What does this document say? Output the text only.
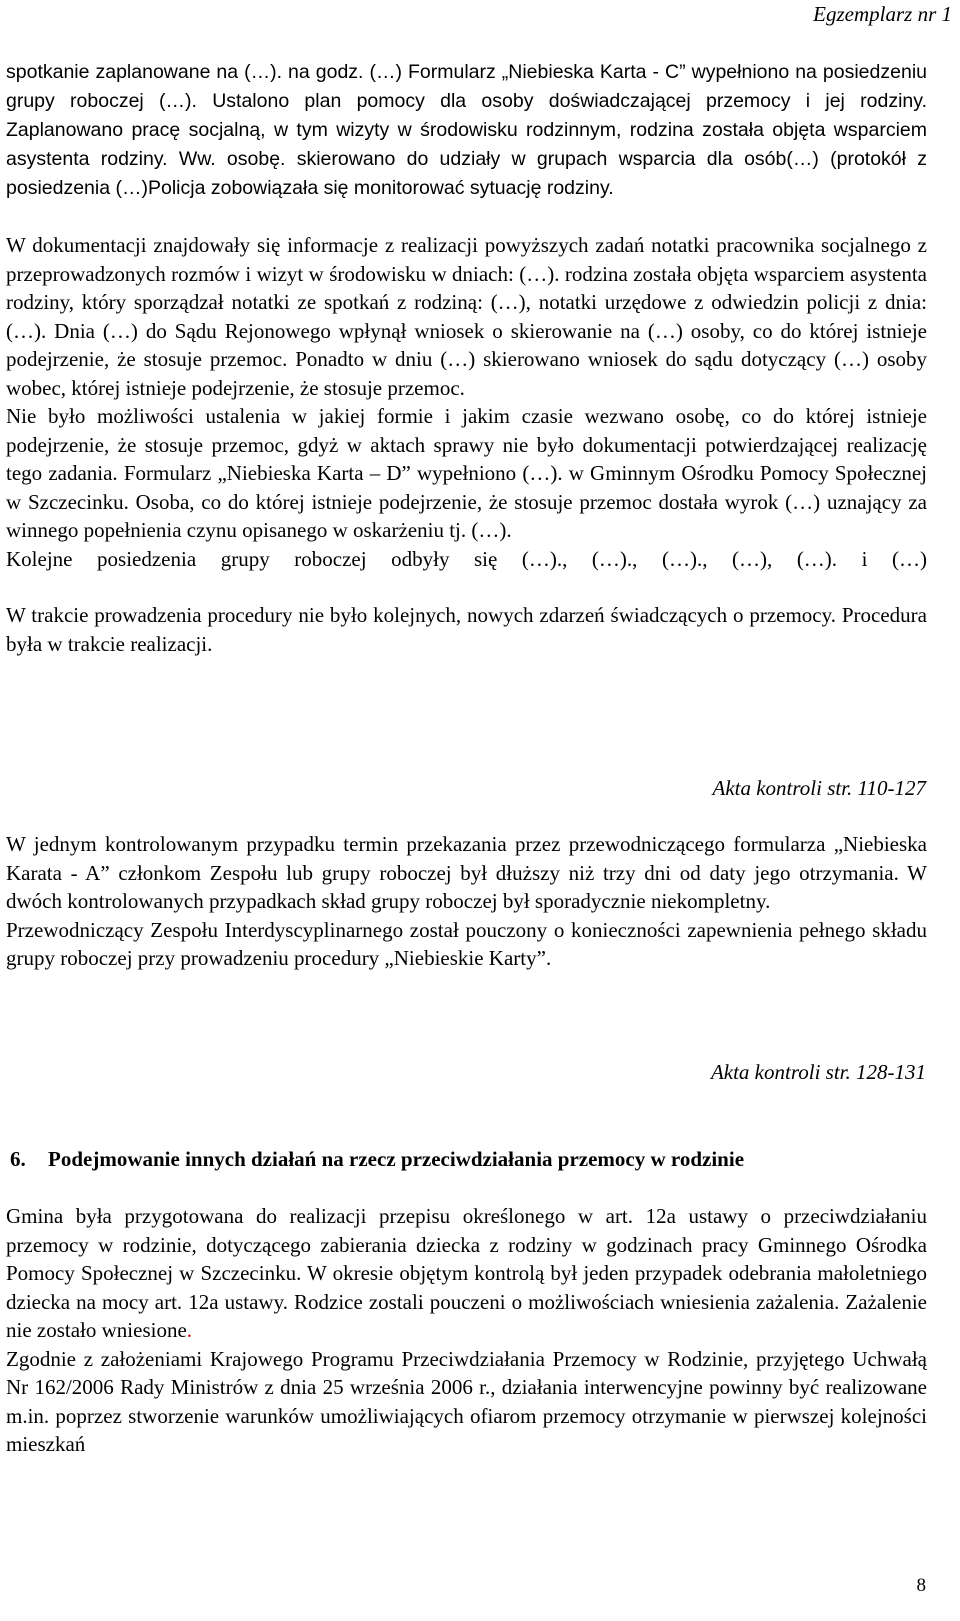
Egzemplarz nr 1

spotkanie zaplanowane na (…). na godz. (…) Formularz „Niebieska Karta - C” wypełniono na posiedzeniu grupy roboczej (…). Ustalono plan pomocy dla osoby doświadczającej przemocy i jej rodziny. Zaplanowano pracę socjalną, w tym wizyty w środowisku rodzinnym, rodzina została objęta wsparciem asystenta rodziny. Ww. osobę. skierowano do udziały w grupach wsparcia dla osób(…) (protokół z posiedzenia (…)Policja zobowiązała się monitorować sytuację rodziny.

W dokumentacji znajdowały się informacje z realizacji powyższych zadań notatki pracownika socjalnego z przeprowadzonych rozmów i wizyt w środowisku w dniach: (…). rodzina została objęta wsparciem asystenta rodziny, który sporządzał notatki ze spotkań z rodziną: (…), notatki urzędowe z odwiedzin policji z dnia: (…). Dnia (…) do Sądu Rejonowego wpłynął wniosek o skierowanie na (…) osoby, co do której istnieje podejrzenie, że stosuje przemoc. Ponadto w dniu (…) skierowano wniosek do sądu dotyczący (…) osoby wobec, której istnieje podejrzenie, że stosuje przemoc.

Nie było możliwości ustalenia w jakiej formie i jakim czasie wezwano osobę, co do której istnieje podejrzenie, że stosuje przemoc, gdyż w aktach sprawy nie było dokumentacji potwierdzającej realizację tego zadania. Formularz „Niebieska Karta – D” wypełniono (…). w Gminnym Ośrodku Pomocy Społecznej w Szczecinku. Osoba, co do której istnieje podejrzenie, że stosuje przemoc dostała wyrok (…) uznający za winnego popełnienia czynu opisanego w oskarżeniu tj. (…).

Kolejne posiedzenia grupy roboczej odbyły się (…)., (…)., (…)., (…), (…). i (…)

W trakcie prowadzenia procedury nie było kolejnych, nowych zdarzeń świadczących o przemocy. Procedura była w trakcie realizacji.

Akta kontroli str. 110-127

W jednym kontrolowanym przypadku termin przekazania przez przewodniczącego formularza „Niebieska Karata - A” członkom Zespołu lub grupy roboczej był dłuższy niż trzy dni od daty jego otrzymania. W dwóch kontrolowanych przypadkach skład grupy roboczej był sporadycznie niekompletny.

Przewodniczący Zespołu Interdyscyplinarnego został pouczony o konieczności zapewnienia pełnego składu grupy roboczej przy prowadzeniu procedury „Niebieskie Karty”.

Akta kontroli str. 128-131
6. Podejmowanie innych działań na rzecz przeciwdziałania przemocy w rodzinie

Gmina była przygotowana do realizacji przepisu określonego w art. 12a ustawy o przeciwdziałaniu przemocy w rodzinie, dotyczącego zabierania dziecka z rodziny w godzinach pracy Gminnego Ośrodka Pomocy Społecznej w Szczecinku. W okresie objętym kontrolą był jeden przypadek odebrania małoletniego dziecka na mocy art. 12a ustawy. Rodzice zostali pouczeni o możliwościach wniesienia zażalenia. Zażalenie nie zostało wniesione.

Zgodnie z założeniami Krajowego Programu Przeciwdziałania Przemocy w Rodzinie, przyjętego Uchwałą Nr 162/2006 Rady Ministrów z dnia 25 września 2006 r., działania interwencyjne powinny być realizowane m.in. poprzez stworzenie warunków umożliwiających ofiarom przemocy otrzymanie w pierwszej kolejności mieszkań

8
